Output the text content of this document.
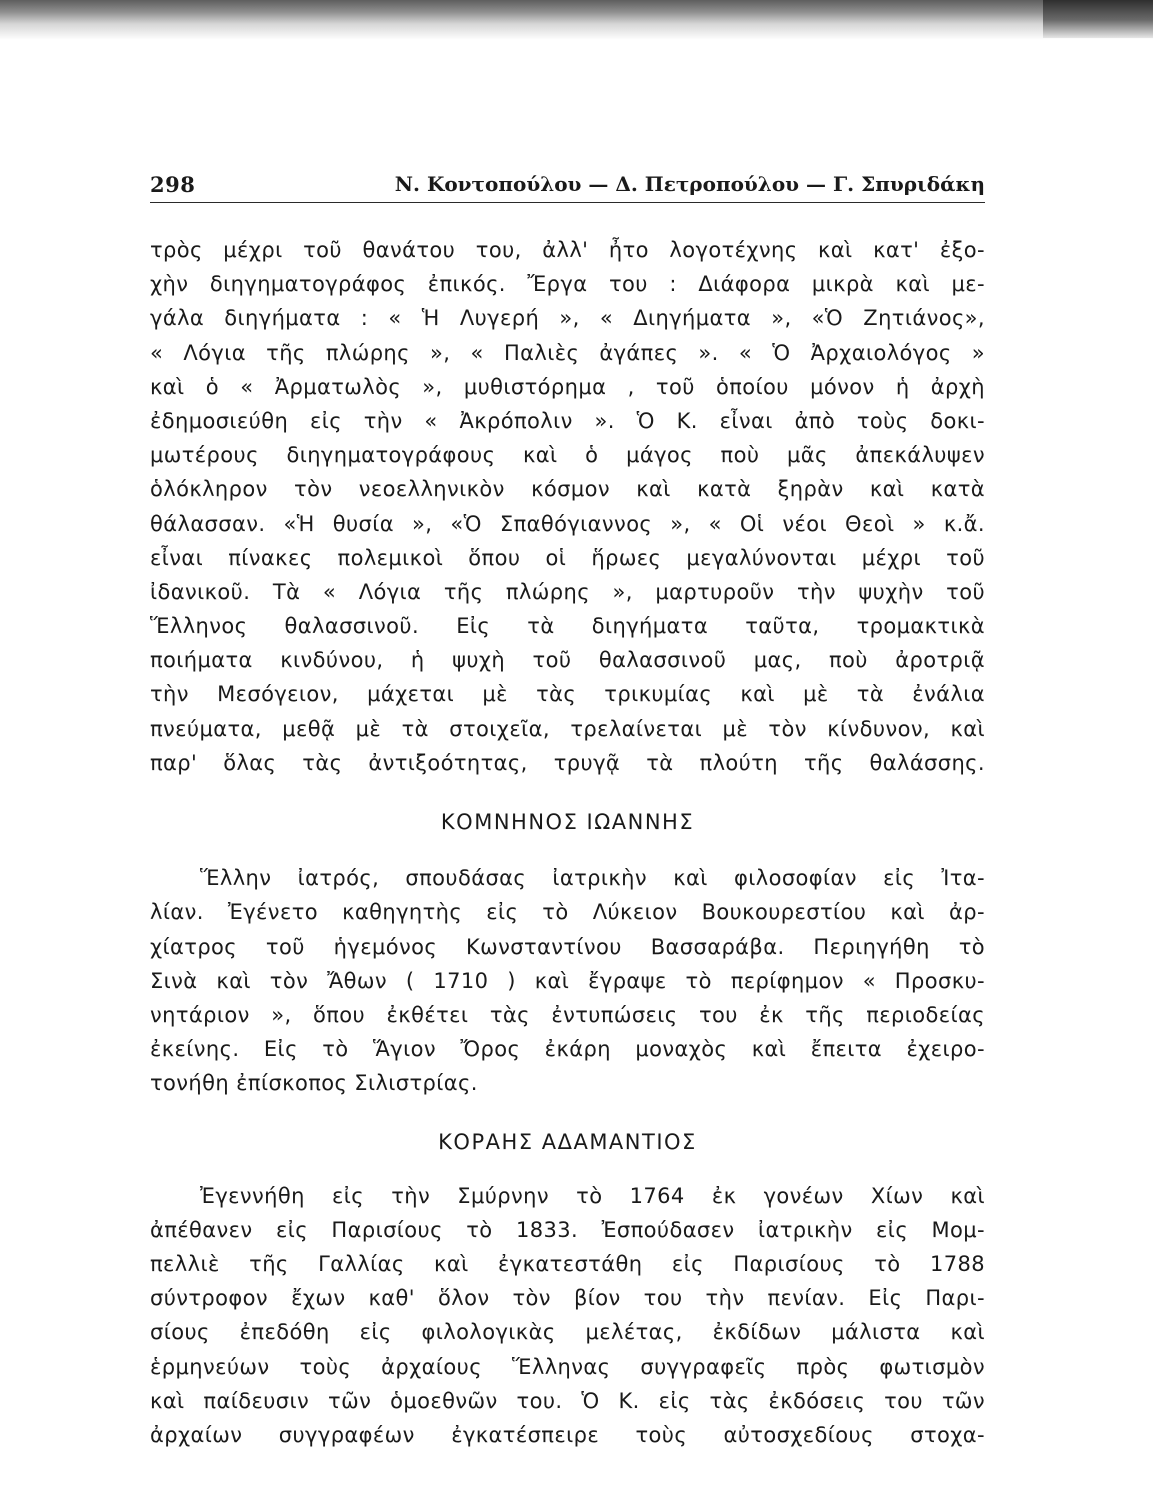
298	Ν. Κοντοπούλου — Δ. Πετροπούλου — Γ. Σπυριδάκη
τρὸς μέχρι τοῦ θανάτου του, ἀλλ' ἦτο λογοτέχνης καὶ κατ' ἐξο-
χὴν διηγηματογράφος ἐπικός. Ἔργα του : Διάφορα μικρὰ καὶ με-
γάλα διηγήματα : « Ἡ Λυγερή », « Διηγήματα », «Ὁ Ζητιάνος»,
« Λόγια τῆς πλώρης », « Παλιὲς ἀγάπες ». « Ὁ Ἀρχαιολόγος »
καὶ ὁ « Ἀρματωλὸς », μυθιστόρημα , τοῦ ὁποίου μόνον ἡ ἀρχὴ
ἐδημοσιεύθη εἰς τὴν « Ἀκρόπολιν ». Ὁ Κ. εἶναι ἀπὸ τοὺς δοκι-
μωτέρους διηγηματογράφους καὶ ὁ μάγος ποὺ μᾶς ἀπεκάλυψεν
ὁλόκληρον τὸν νεοελληνικὸν κόσμον καὶ κατὰ ξηρὰν καὶ κατὰ
θάλασσαν. «Ἡ θυσία », «Ὁ Σπαθόγιαννος », « Οἱ νέοι Θεοὶ » κ.ἄ.
εἶναι πίνακες πολεμικοὶ ὅπου οἱ ἥρωες μεγαλύνονται μέχρι τοῦ
ἰδανικοῦ. Τὰ « Λόγια τῆς πλώρης », μαρτυροῦν τὴν ψυχὴν τοῦ
Ἕλληνος θαλασσινοῦ. Εἰς τὰ διηγήματα ταῦτα, τρομακτικὰ
ποιήματα κινδύνου, ἡ ψυχὴ τοῦ θαλασσινοῦ μας, ποὺ ἀροτριᾷ
τὴν Μεσόγειον, μάχεται μὲ τὰς τρικυμίας καὶ μὲ τὰ ἐνάλια
πνεύματα, μεθᾷ μὲ τὰ στοιχεῖα, τρελαίνεται μὲ τὸν κίνδυνον, καὶ
παρ' ὅλας τὰς ἀντιξοότητας, τρυγᾷ τὰ πλούτη τῆς θαλάσσης.
ΚΟΜΝΗΝΟΣ ΙΩΑΝΝΗΣ
Ἕλλην ἰατρός, σπουδάσας ἰατρικὴν καὶ φιλοσοφίαν εἰς Ἰτα-
λίαν. Ἐγένετο καθηγητὴς εἰς τὸ Λύκειον Βουκουρεστίου καὶ ἀρ-
χίατρος τοῦ ἡγεμόνος Κωνσταντίνου Βασσαράβα. Περιηγήθη τὸ
Σινὰ καὶ τὸν Ἄθων ( 1710 ) καὶ ἔγραψε τὸ περίφημον « Προσκυ-
νητάριον », ὅπου ἐκθέτει τὰς ἐντυπώσεις του ἐκ τῆς περιοδείας
ἐκείνης. Εἰς τὸ Ἅγιον Ὄρος ἐκάρη μοναχὸς καὶ ἔπειτα ἐχειρο-
τονήθη ἐπίσκοπος Σιλιστρίας.
ΚΟΡΑΗΣ ΑΔΑΜΑΝΤΙΟΣ
Ἐγεννήθη εἰς τὴν Σμύρνην τὸ 1764 ἐκ γονέων Χίων καὶ
ἀπέθανεν εἰς Παρισίους τὸ 1833. Ἐσπούδασεν ἰατρικὴν εἰς Μομ-
πελλιὲ τῆς Γαλλίας καὶ ἐγκατεστάθη εἰς Παρισίους τὸ 1788
σύντροφον ἔχων καθ' ὅλον τὸν βίον του τὴν πενίαν. Εἰς Παρι-
σίους ἐπεδόθη εἰς φιλολογικὰς μελέτας, ἐκδίδων μάλιστα καὶ
ἑρμηνεύων τοὺς ἀρχαίους Ἕλληνας συγγραφεῖς πρὸς φωτισμὸν
καὶ παίδευσιν τῶν ὁμοεθνῶν του. Ὁ Κ. εἰς τὰς ἐκδόσεις του τῶν
ἀρχαίων συγγραφέων ἐγκατέσπειρε τοὺς αὐτοσχεδίους στοχα-
